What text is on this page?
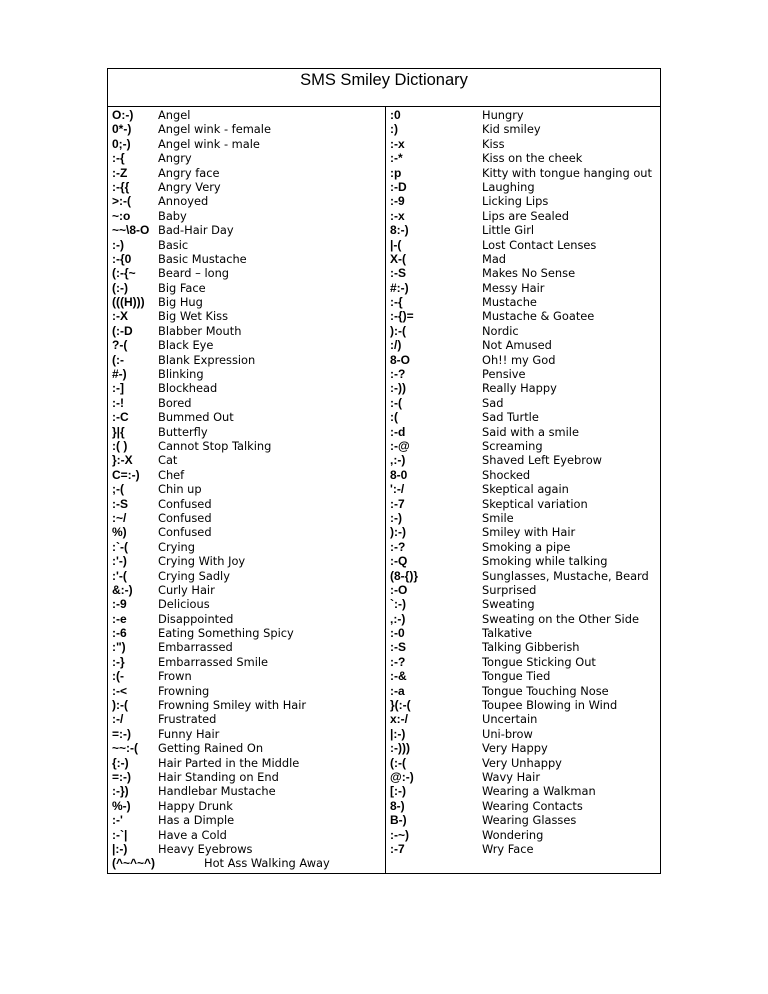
SMS Smiley Dictionary
O:-) Angel
0*-) Angel wink - female
0;-) Angel wink - male
:-{	Angry
:-Z	Angry face
:-{{	Angry Very
>:-( Annoyed
~:o Baby
~~\8-O Bad-Hair Day
:-)	Basic
:-{0 Basic Mustache
(:-{~ Beard – long
(:-)	Big Face
(((H))) Big Hug
:-X	Big Wet Kiss
(:-D Blabber Mouth
?-(	Black Eye
(:-	Blank Expression
#-)	Blinking
:-]	Blockhead
:-!	Bored
:-C	Bummed Out
}|{	Butterfly
:( )	Cannot Stop Talking
}:-X Cat
C=:-) Chef
;-(	Chin up
:-S	Confused
:~/	Confused
%)	Confused
:`-(	Crying
:'-)	Crying With Joy
:'-(	Crying Sadly
&:-) Curly Hair
:-9	Delicious
:-e	Disappointed
:-6	Eating Something Spicy
:")	Embarrassed
:-}	Embarrassed Smile
:(-	Frown
:-<	Frowning
):-(	Frowning Smiley with Hair
:-/	Frustrated
=:-) Funny Hair
~~:-( Getting Rained On
{:-)	Hair Parted in the Middle
=:-) Hair Standing on End
:-})	Handlebar Mustache
%-) Happy Drunk
:-'	Has a Dimple
:-`|	Have a Cold
|:-)	Heavy Eyebrows
(^~^~^)	Hot Ass Walking Away
:0	Hungry
:)	Kid smiley
:-x	Kiss
:-*	Kiss on the cheek
:p	Kitty with tongue hanging out
:-D	Laughing
:-9	Licking Lips
:-x	Lips are Sealed
8:-)	Little Girl
|-(	Lost Contact Lenses
X-(	Mad
:-S	Makes No Sense
#:-)	Messy Hair
:-{	Mustache
:-{)=	Mustache & Goatee
):-(	Nordic
:/)	Not Amused
8-O	Oh!! my God
:-?	Pensive
:-))	Really Happy
:-(	Sad
:(	Sad Turtle
:-d	Said with a smile
:-@	Screaming
,:-)	Shaved Left Eyebrow
8-0	Shocked
':-/	Skeptical again
:-7	Skeptical variation
:-)	Smile
):-)	Smiley with Hair
:-?	Smoking a pipe
:-Q	Smoking while talking
(8-{)}	Sunglasses, Mustache, Beard
:-O	Surprised
`:-)	Sweating
,:-)	Sweating on the Other Side
:-0	Talkative
:-S	Talking Gibberish
:-?	Tongue Sticking Out
:-&	Tongue Tied
:-a	Tongue Touching Nose
}(:-(	Toupee Blowing in Wind
x:-/	Uncertain
|:-)	Uni-brow
:-)))	Very Happy
(:-(	Very Unhappy
@:-)	Wavy Hair
[:-)	Wearing a Walkman
8-)	Wearing Contacts
B-)	Wearing Glasses
:-~)	Wondering
:-7	Wry Face
